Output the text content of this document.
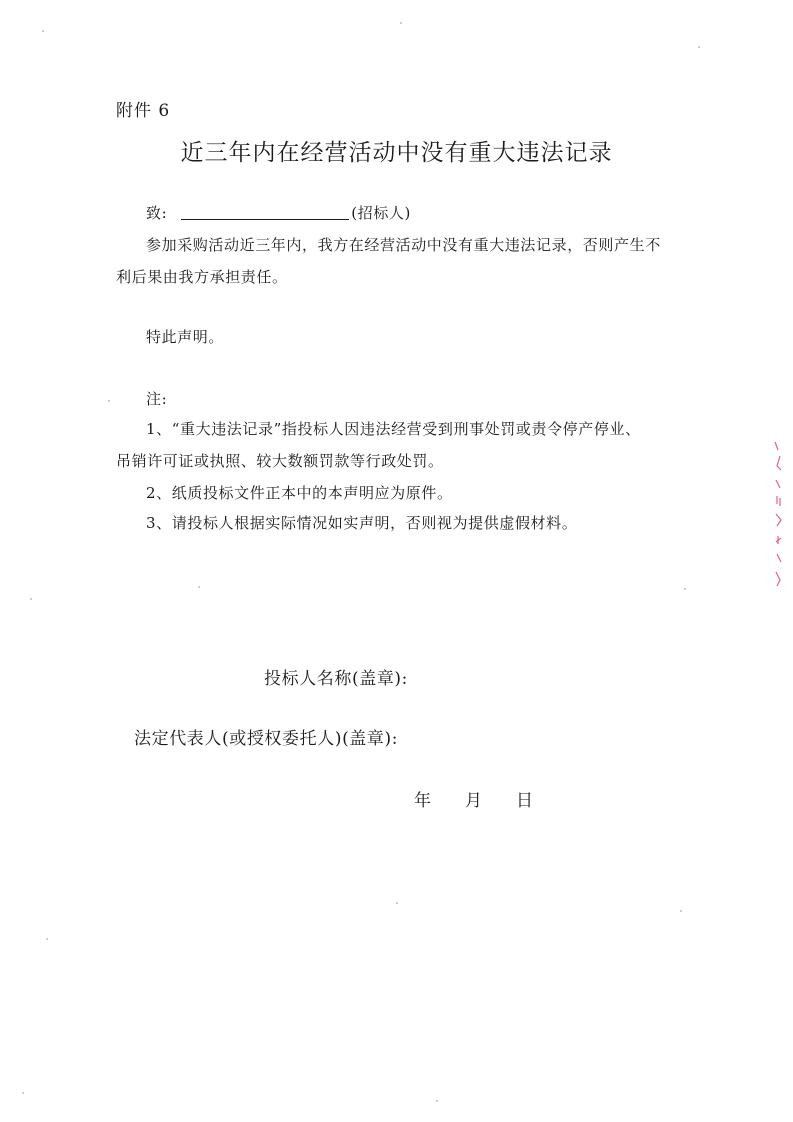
附件 6
近三年内在经营活动中没有重大违法记录
致:	(招标人)
参加采购活动近三年内，我方在经营活动中没有重大违法记录，否则产生不
利后果由我方承担责任。
特此声明。
注:
1、“重大违法记录”指投标人因违法经营受到刑事处罚或责令停产停业、
吊销许可证或执照、较大数额罚款等行政处罚。
2、纸质投标文件正本中的本声明应为原件。
3、请投标人根据实际情况如实声明，否则视为提供虚假材料。
投标人名称(盖章):
法定代表人(或授权委托人)(盖章):
年 月 日
